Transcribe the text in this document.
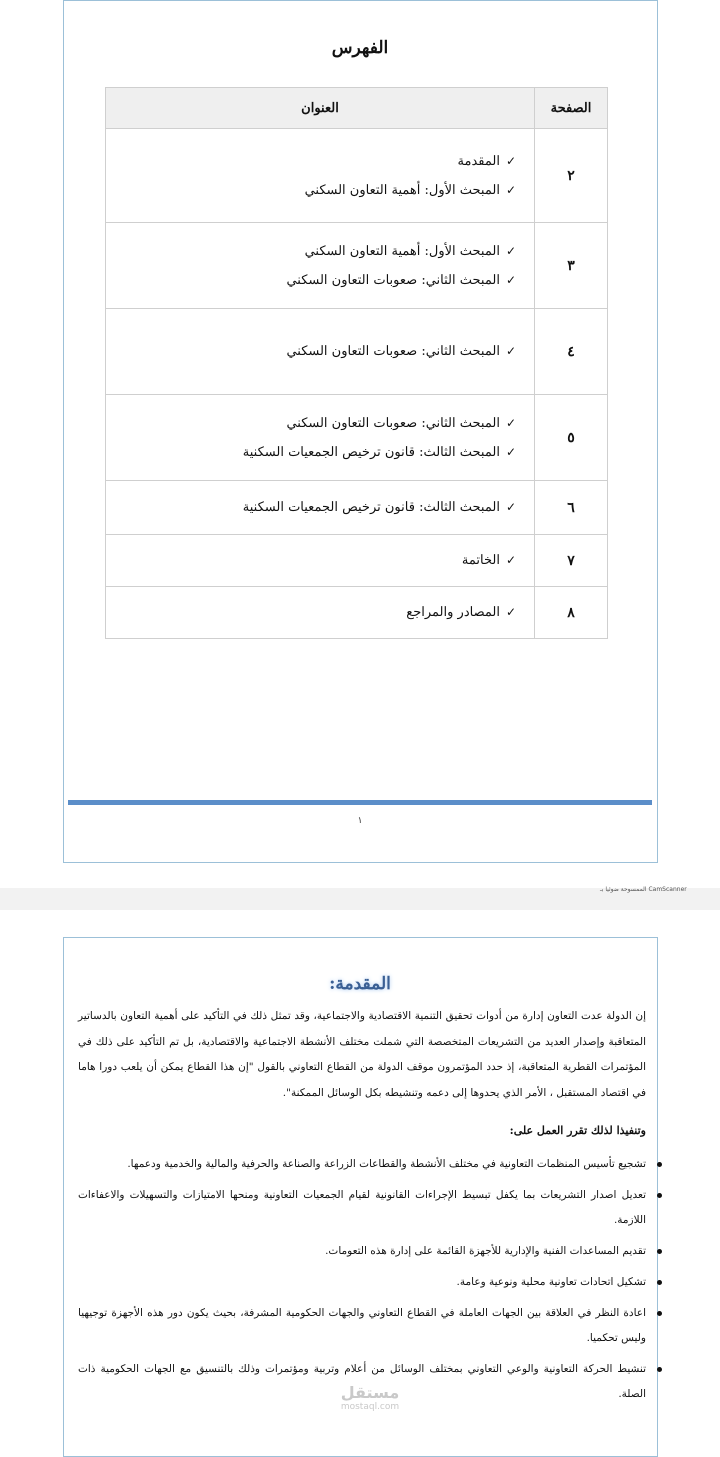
الفهرس
الصفحة	العنوان
٢	✓المقدمة
✓المبحث الأول: أهمية التعاون السكني

٣	✓المبحث الأول: أهمية التعاون السكني
✓المبحث الثاني: صعوبات التعاون السكني

٤	✓المبحث الثاني: صعوبات التعاون السكني

٥	✓المبحث الثاني: صعوبات التعاون السكني
✓المبحث الثالث: قانون ترخيص الجمعيات السكنية

٦	✓المبحث الثالث: قانون ترخيص الجمعيات السكنية

٧	✓الخاتمة

٨	✓المصادر والمراجع
١
CamScanner الممسوحة ضوئيا بـ
المقدمة:
إن الدولة عدت التعاون إدارة من أدوات تحقيق التنمية الاقتصادية والاجتماعية، وقد تمثل ذلك في التأكيد على أهمية التعاون بالدساتير المتعاقبة وإصدار العديد من التشريعات المتخصصة التي شملت مختلف الأنشطة الاجتماعية والاقتصادية، بل تم التأكيد على ذلك في المؤتمرات القطرية المتعاقبة، إذ حدد المؤتمرون موقف الدولة من القطاع التعاوني بالقول "إن هذا القطاع يمكن أن يلعب دورا هاما في اقتصاد المستقبل ، الأمر الذي يحدوها إلى دعمه وتنشيطه بكل الوسائل الممكنة".
وتنفيذا لذلك تقرر العمل على:
تشجيع تأسيس المنظمات التعاونية في مختلف الأنشطة والقطاعات الزراعة والصناعة والحرفية والمالية والخدمية ودعمها.
تعديل اصدار التشريعات بما يكفل تبسيط الإجراءات القانونية لقيام الجمعيات التعاونية ومنحها الامتيازات والتسهيلات والاعفاءات اللازمة.
تقديم المساعدات الفنية والإدارية للأجهزة القائمة على إدارة هذه التعومات.
تشكيل اتحادات تعاونية محلية ونوعية وعامة.
اعادة النظر في العلاقة بين الجهات العاملة في القطاع التعاوني والجهات الحكومية المشرفة، بحيث يكون دور هذه الأجهزة توجيهيا وليس تحكميا.
تنشيط الحركة التعاونية والوعي التعاوني بمختلف الوسائل من أعلام وتربية ومؤتمرات وذلك بالتنسيق مع الجهات الحكومية ذات الصلة.
مستقل
mostaql.com
